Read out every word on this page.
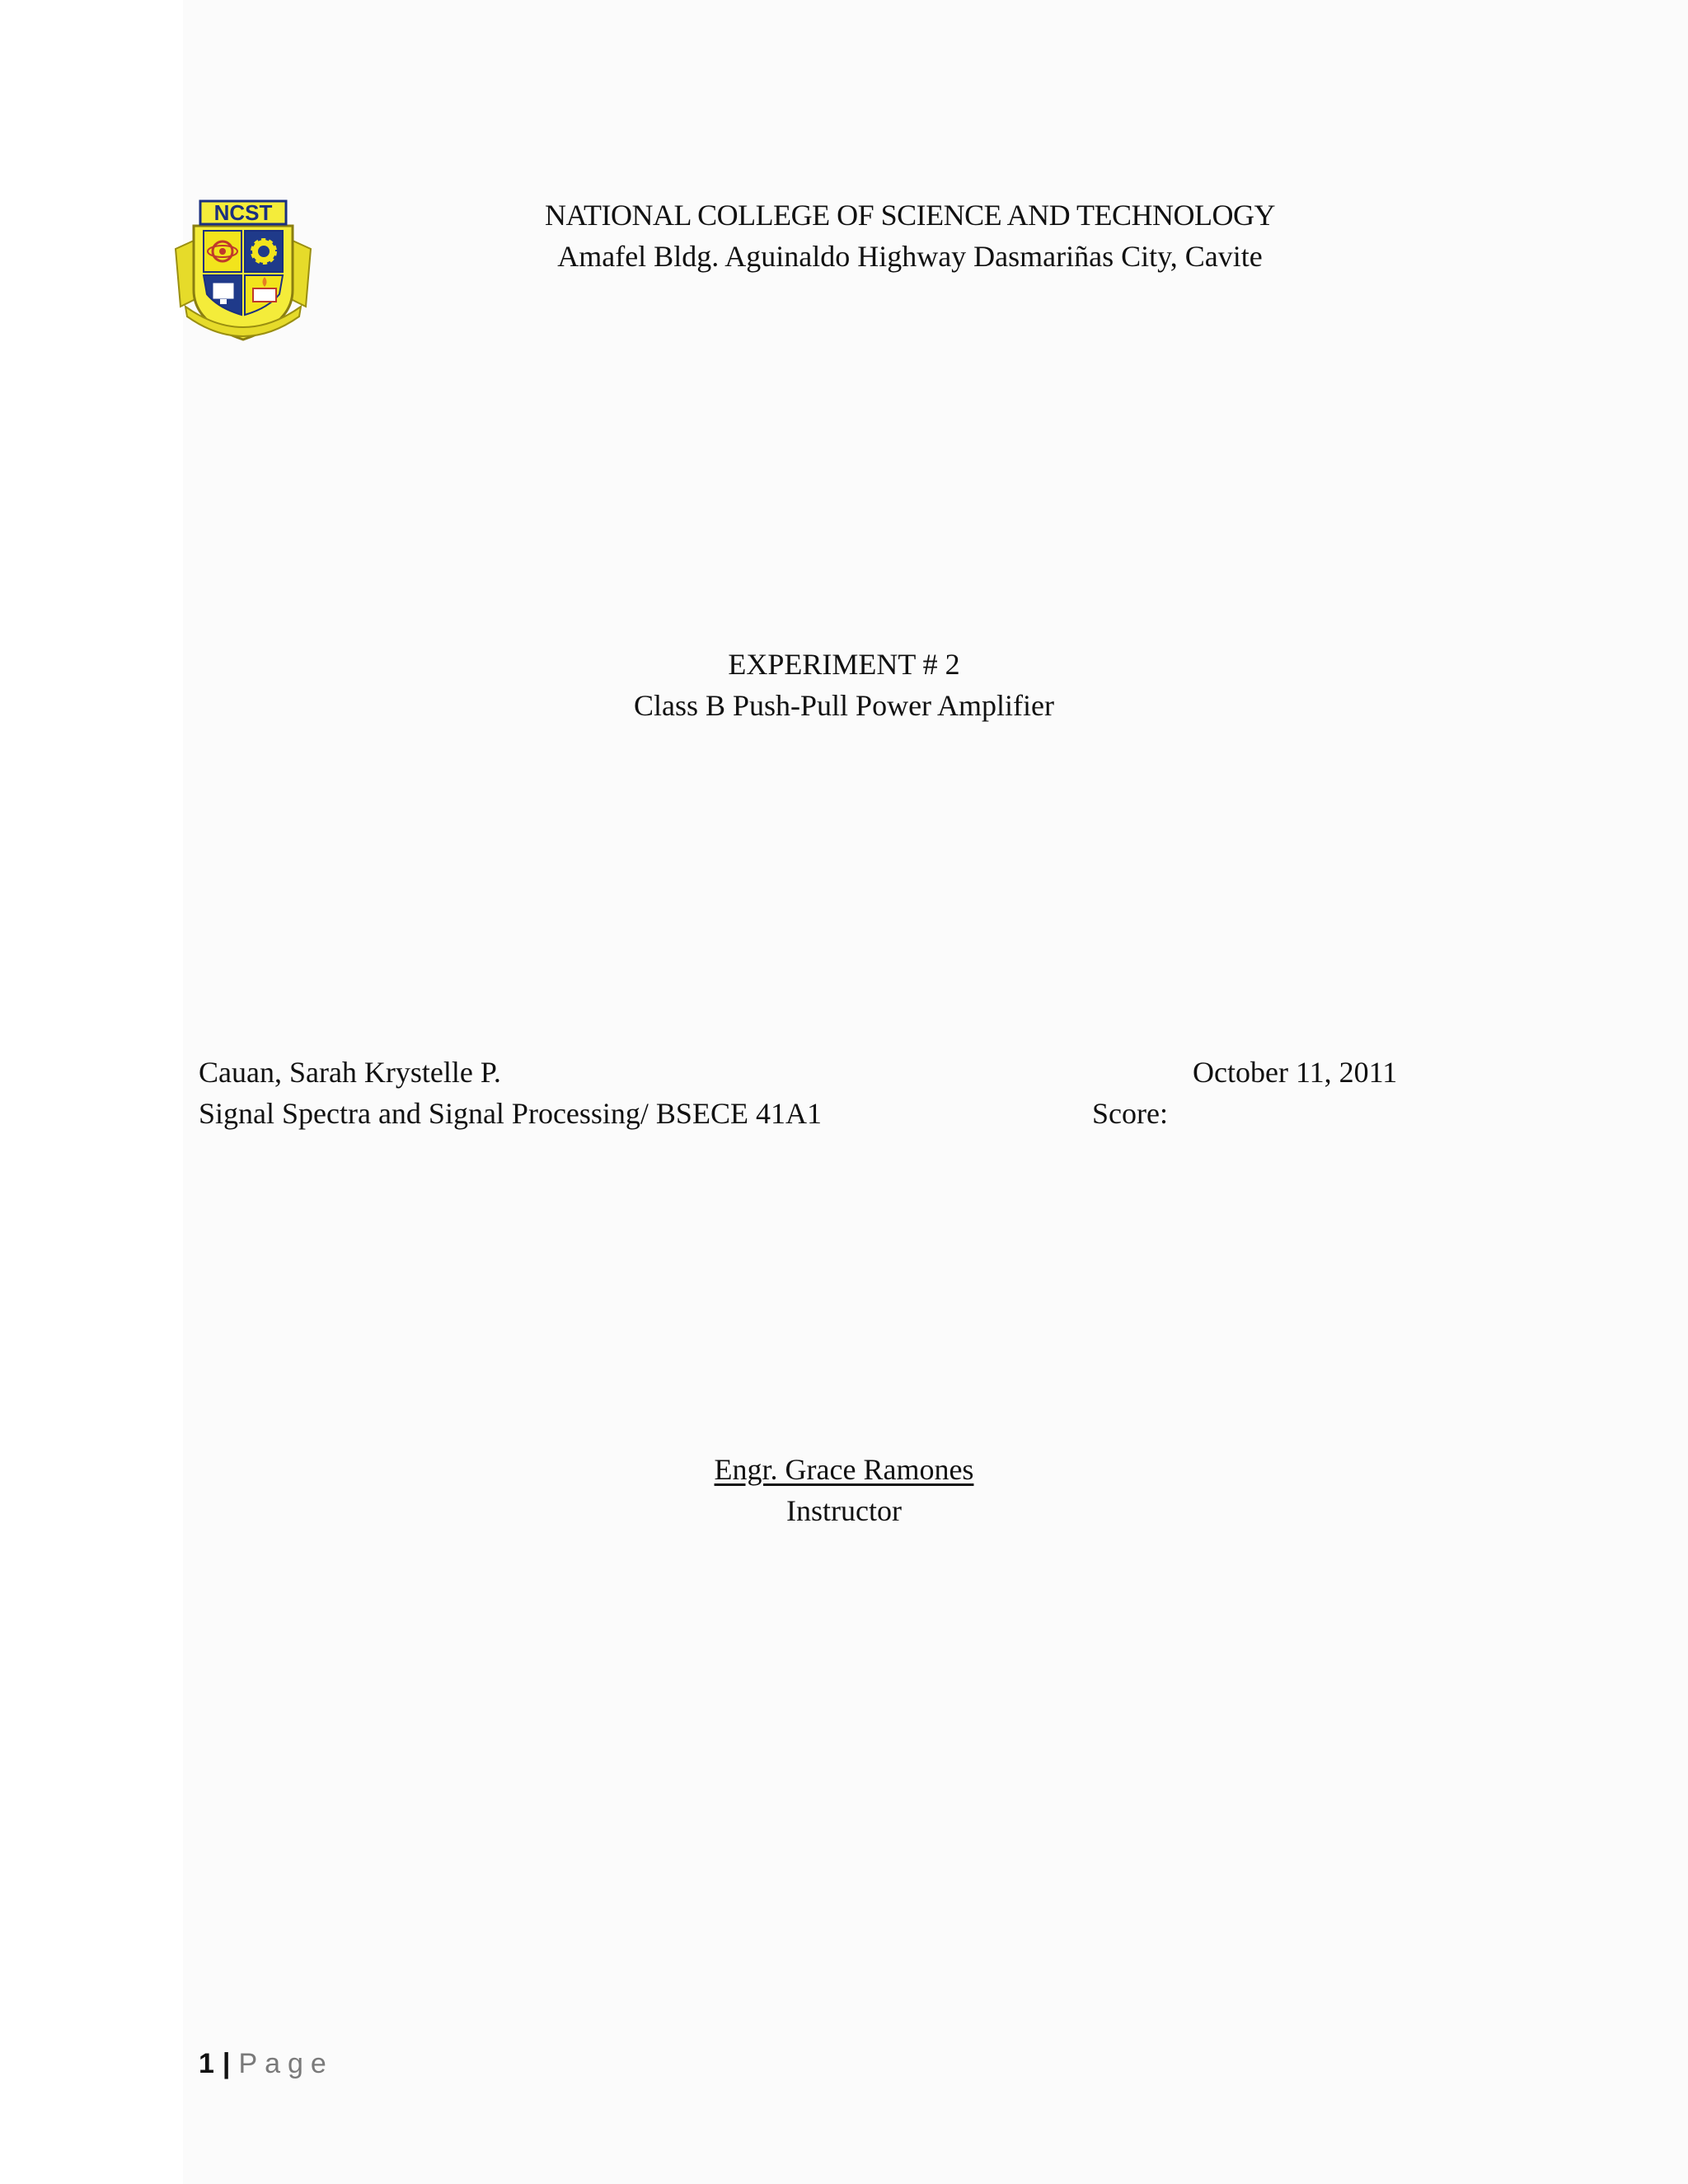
NCST	NATIONAL COLLEGE OF SCIENCE AND TECHNOLOGY
Amafel Bldg. Aguinaldo Highway Dasmariñas City, Cavite
EXPERIMENT # 2
Class B Push-Pull Power Amplifier
Cauan, Sarah Krystelle P.
Signal Spectra and Signal Processing/ BSECE 41A1
October 11, 2011
Score:
Engr. Grace Ramones
Instructor
1 | Page
